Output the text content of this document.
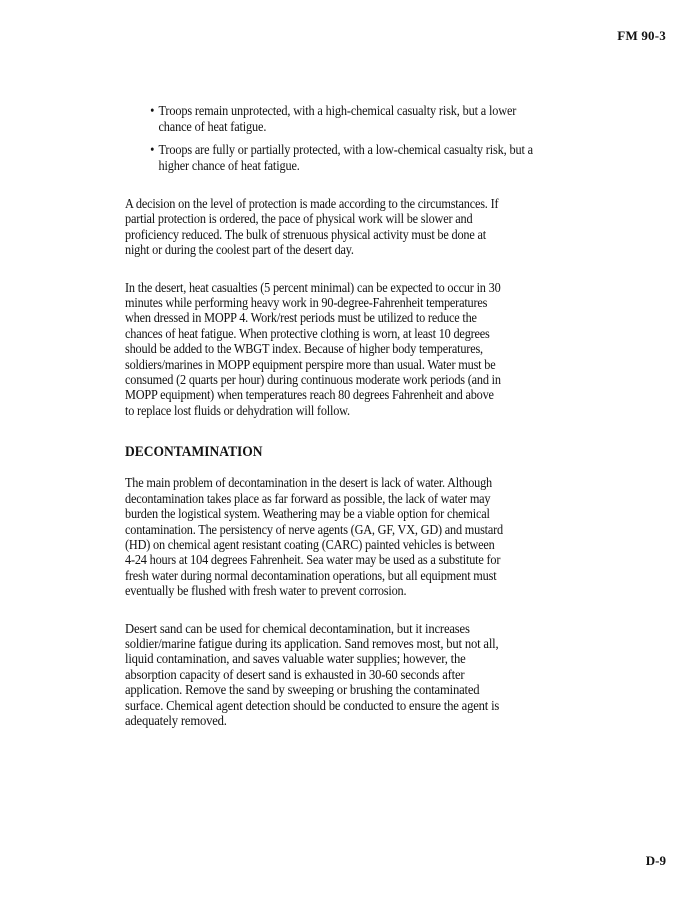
FM 90-3
• Troops remain unprotected, with a high-chemical casualty risk, but a lower chance of heat fatigue.
• Troops are fully or partially protected, with a low-chemical casualty risk, but a higher chance of heat fatigue.

A decision on the level of protection is made according to the circumstances. If partial protection is ordered, the pace of physical work will be slower and proficiency reduced. The bulk of strenuous physical activity must be done at night or during the coolest part of the desert day.

In the desert, heat casualties (5 percent minimal) can be expected to occur in 30 minutes while performing heavy work in 90-degree-Fahrenheit temperatures when dressed in MOPP 4. Work/rest periods must be utilized to reduce the chances of heat fatigue. When protective clothing is worn, at least 10 degrees should be added to the WBGT index. Because of higher body temperatures, soldiers/marines in MOPP equipment perspire more than usual. Water must be consumed (2 quarts per hour) during continuous moderate work periods (and in MOPP equipment) when temperatures reach 80 degrees Fahrenheit and above to replace lost fluids or dehydration will follow.

DECONTAMINATION

The main problem of decontamination in the desert is lack of water. Although decontamination takes place as far forward as possible, the lack of water may burden the logistical system. Weathering may be a viable option for chemical contamination. The persistency of nerve agents (GA, GF, VX, GD) and mustard (HD) on chemical agent resistant coating (CARC) painted vehicles is between 4-24 hours at 104 degrees Fahrenheit. Sea water may be used as a substitute for fresh water during normal decontamination operations, but all equipment must eventually be flushed with fresh water to prevent corrosion.

Desert sand can be used for chemical decontamination, but it increases soldier/marine fatigue during its application. Sand removes most, but not all, liquid contamination, and saves valuable water supplies; however, the absorption capacity of desert sand is exhausted in 30-60 seconds after application. Remove the sand by sweeping or brushing the contaminated surface. Chemical agent detection should be conducted to ensure the agent is adequately removed.

D-9
